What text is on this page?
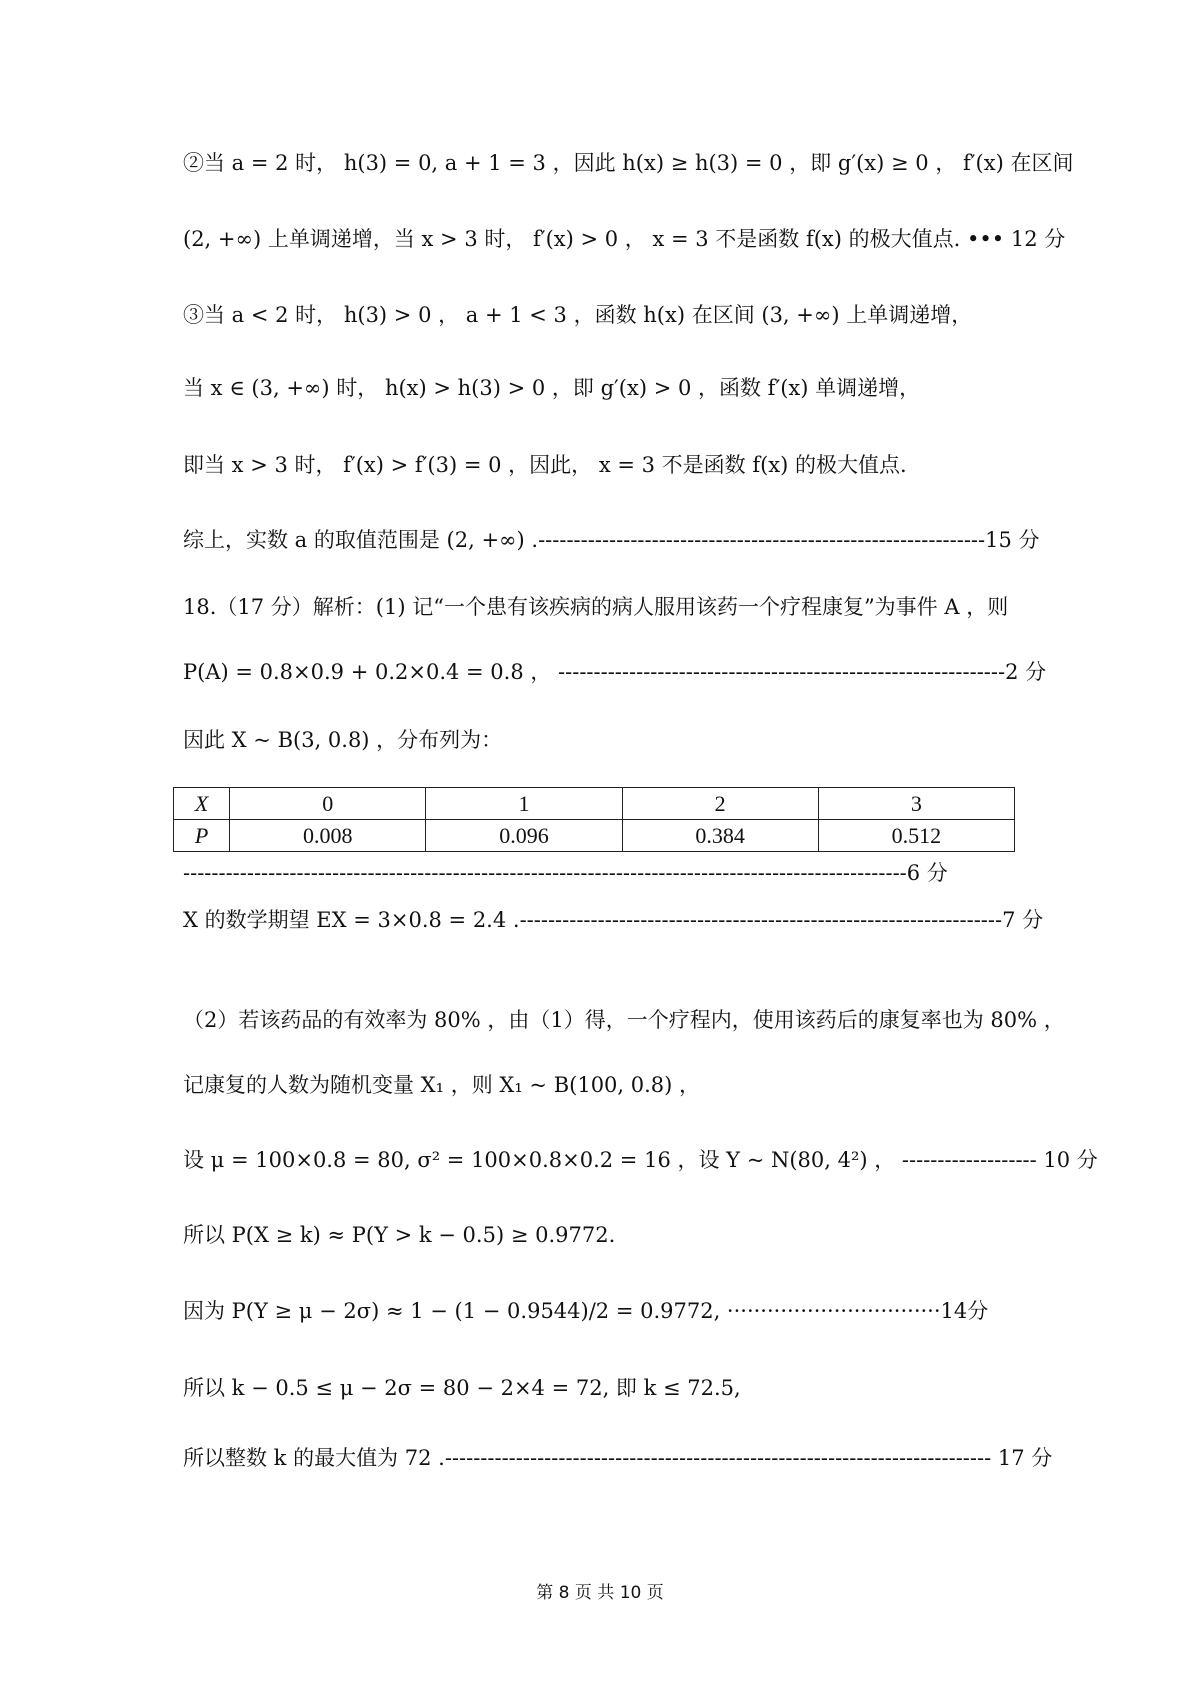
②当 a = 2 时， h(3) = 0, a + 1 = 3 ，因此 h(x) ≥ h(3) = 0 ，即 g′(x) ≥ 0 ， f′(x) 在区间
(2, +∞) 上单调递增，当 x > 3 时， f′(x) > 0 ， x = 3 不是函数 f(x) 的极大值点. ••• 12 分
③当 a < 2 时， h(3) > 0 ， a + 1 < 3 ，函数 h(x) 在区间 (3, +∞) 上单调递增，
当 x ∈ (3, +∞) 时， h(x) > h(3) > 0 ，即 g′(x) > 0 ，函数 f′(x) 单调递增，
即当 x > 3 时， f′(x) > f′(3) = 0 ，因此， x = 3 不是函数 f(x) 的极大值点.
综上，实数 a 的取值范围是 (2, +∞) .---------------------------------------------------------------15 分
18.（17 分）解析：(1) 记“一个患有该疾病的病人服用该药一个疗程康复”为事件 A ，则
P(A) = 0.8×0.9 + 0.2×0.4 = 0.8 ， ---------------------------------------------------------------2 分
因此 X ~ B(3, 0.8) ，分布列为：
X	0	1	2	3
P	0.008	0.096	0.384	0.512
------------------------------------------------------------------------------------------------------6 分
X 的数学期望 EX = 3×0.8 = 2.4 .--------------------------------------------------------------------7 分
（2）若该药品的有效率为 80% ，由（1）得，一个疗程内，使用该药后的康复率也为 80% ，
记康复的人数为随机变量 X₁ ，则 X₁ ~ B(100, 0.8) ，
设 μ = 100×0.8 = 80, σ² = 100×0.8×0.2 = 16 ，设 Y ~ N(80, 4²) ， ------------------- 10 分
所以 P(X ≥ k) ≈ P(Y > k − 0.5) ≥ 0.9772.
因为 P(Y ≥ μ − 2σ) ≈ 1 − (1 − 0.9544)/2 = 0.9772, ································14分
所以 k − 0.5 ≤ μ − 2σ = 80 − 2×4 = 72, 即 k ≤ 72.5,
所以整数 k 的最大值为 72 .----------------------------------------------------------------------------- 17 分
第 8 页 共 10 页
